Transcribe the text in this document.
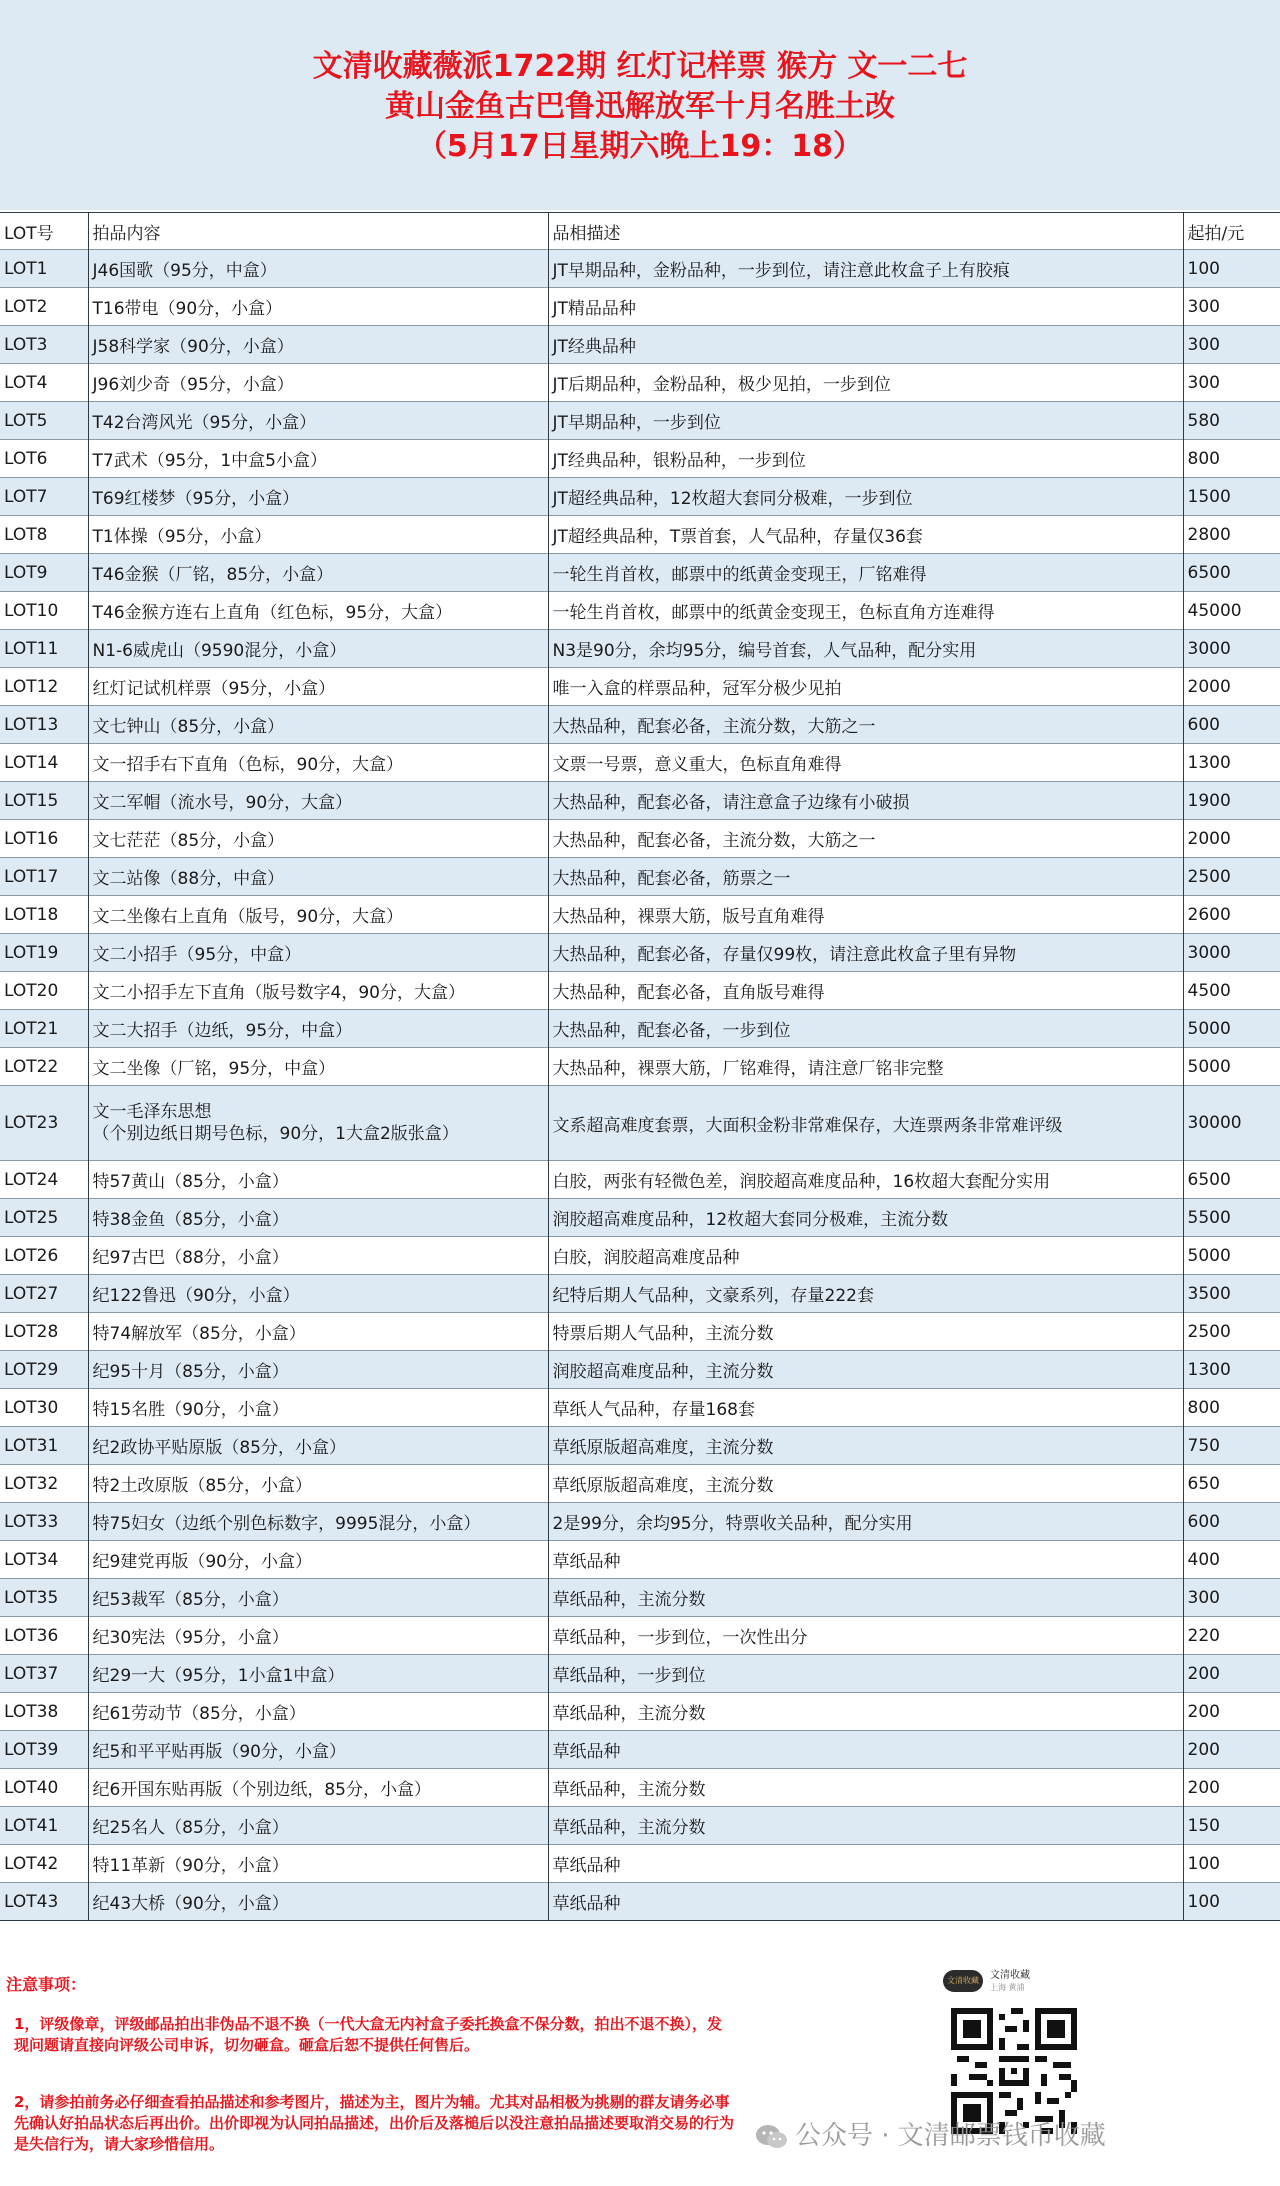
文清收藏薇派1722期 红灯记样票 猴方 文一二七
黄山金鱼古巴鲁迅解放军十月名胜土改
（5月17日星期六晚上19：18）
LOT号	拍品内容	品相描述	起拍/元
LOT1	J46国歌（95分，中盒）	JT早期品种，金粉品种，一步到位，请注意此枚盒子上有胶痕	100
LOT2	T16带电（90分，小盒）	JT精品品种	300
LOT3	J58科学家（90分，小盒）	JT经典品种	300
LOT4	J96刘少奇（95分，小盒）	JT后期品种，金粉品种，极少见拍，一步到位	300
LOT5	T42台湾风光（95分，小盒）	JT早期品种，一步到位	580
LOT6	T7武术（95分，1中盒5小盒）	JT经典品种，银粉品种，一步到位	800
LOT7	T69红楼梦（95分，小盒）	JT超经典品种，12枚超大套同分极难，一步到位	1500
LOT8	T1体操（95分，小盒）	JT超经典品种，T票首套，人气品种，存量仅36套	2800
LOT9	T46金猴（厂铭，85分，小盒）	一轮生肖首枚，邮票中的纸黄金变现王，厂铭难得	6500
LOT10	T46金猴方连右上直角（红色标，95分，大盒）	一轮生肖首枚，邮票中的纸黄金变现王，色标直角方连难得	45000
LOT11	N1-6威虎山（9590混分，小盒）	N3是90分，余均95分，编号首套，人气品种，配分实用	3000
LOT12	红灯记试机样票（95分，小盒）	唯一入盒的样票品种，冠军分极少见拍	2000
LOT13	文七钟山（85分，小盒）	大热品种，配套必备，主流分数，大筋之一	600
LOT14	文一招手右下直角（色标，90分，大盒）	文票一号票，意义重大，色标直角难得	1300
LOT15	文二军帽（流水号，90分，大盒）	大热品种，配套必备，请注意盒子边缘有小破损	1900
LOT16	文七茫茫（85分，小盒）	大热品种，配套必备，主流分数，大筋之一	2000
LOT17	文二站像（88分，中盒）	大热品种，配套必备，筋票之一	2500
LOT18	文二坐像右上直角（版号，90分，大盒）	大热品种，裸票大筋，版号直角难得	2600
LOT19	文二小招手（95分，中盒）	大热品种，配套必备，存量仅99枚，请注意此枚盒子里有异物	3000
LOT20	文二小招手左下直角（版号数字4，90分，大盒）	大热品种，配套必备，直角版号难得	4500
LOT21	文二大招手（边纸，95分，中盒）	大热品种，配套必备，一步到位	5000
LOT22	文二坐像（厂铭，95分，中盒）	大热品种，裸票大筋，厂铭难得，请注意厂铭非完整	5000
LOT23	文一毛泽东思想
（个别边纸日期号色标，90分，1大盒2版张盒）	文系超高难度套票，大面积金粉非常难保存，大连票两条非常难评级	30000
LOT24	特57黄山（85分，小盒）	白胶，两张有轻微色差，润胶超高难度品种，16枚超大套配分实用	6500
LOT25	特38金鱼（85分，小盒）	润胶超高难度品种，12枚超大套同分极难，主流分数	5500
LOT26	纪97古巴（88分，小盒）	白胶，润胶超高难度品种	5000
LOT27	纪122鲁迅（90分，小盒）	纪特后期人气品种，文豪系列，存量222套	3500
LOT28	特74解放军（85分，小盒）	特票后期人气品种，主流分数	2500
LOT29	纪95十月（85分，小盒）	润胶超高难度品种，主流分数	1300
LOT30	特15名胜（90分，小盒）	草纸人气品种，存量168套	800
LOT31	纪2政协平贴原版（85分，小盒）	草纸原版超高难度，主流分数	750
LOT32	特2土改原版（85分，小盒）	草纸原版超高难度，主流分数	650
LOT33	特75妇女（边纸个别色标数字，9995混分，小盒）	2是99分，余均95分，特票收关品种，配分实用	600
LOT34	纪9建党再版（90分，小盒）	草纸品种	400
LOT35	纪53裁军（85分，小盒）	草纸品种，主流分数	300
LOT36	纪30宪法（95分，小盒）	草纸品种，一步到位，一次性出分	220
LOT37	纪29一大（95分，1小盒1中盒）	草纸品种，一步到位	200
LOT38	纪61劳动节（85分，小盒）	草纸品种，主流分数	200
LOT39	纪5和平平贴再版（90分，小盒）	草纸品种	200
LOT40	纪6开国东贴再版（个别边纸，85分，小盒）	草纸品种，主流分数	200
LOT41	纪25名人（85分，小盒）	草纸品种，主流分数	150
LOT42	特11革新（90分，小盒）	草纸品种	100
LOT43	纪43大桥（90分，小盒）	草纸品种	100
注意事项：
1，评级像章，评级邮品拍出非伪品不退不换（一代大盒无内衬盒子委托换盒不保分数，拍出不退不换），发现问题请直接向评级公司申诉，切勿砸盒。砸盒后恕不提供任何售后。
2，请参拍前务必仔细查看拍品描述和参考图片，描述为主，图片为辅。尤其对品相极为挑剔的群友请务必事先确认好拍品状态后再出价。出价即视为认同拍品描述，出价后及落槌后以没注意拍品描述要取消交易的行为是失信行为，请大家珍惜信用。
文清收藏	文清收藏
上海 黄浦
公众号 · 文清邮票钱币收藏
